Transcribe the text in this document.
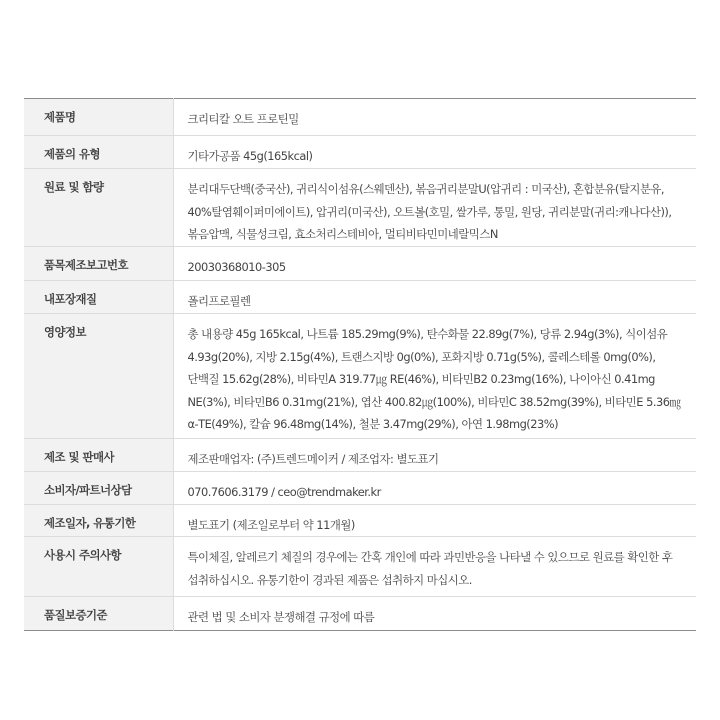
제품명	크리티칼 오트 프로틴밀
제품의 유형	기타가공품 45g(165kcal)
원료 및 함량	분리대두단백(중국산), 귀리식이섬유(스웨덴산), 볶음귀리분말U(압귀리 : 미국산), 혼합분유(탈지분유, 40%탈염훼이퍼미에이트), 압귀리(미국산), 오트볼(호밀, 쌀가루, 통밀, 원당, 귀리분말(귀리:캐나다산)), 볶음압맥, 식물성크림, 효소처리스테비아, 멀티비타민미네랄믹스N
품목제조보고번호	20030368010-305
내포장재질	폴리프로필렌
영양정보	총 내용량 45g 165kcal, 나트륨 185.29mg(9%), 탄수화물 22.89g(7%), 당류 2.94g(3%), 식이섬유 4.93g(20%), 지방 2.15g(4%), 트랜스지방 0g(0%), 포화지방 0.71g(5%), 콜레스테롤 0mg(0%), 단백질 15.62g(28%), 비타민A 319.77㎍ RE(46%), 비타민B2 0.23mg(16%), 나이아신 0.41mg NE(3%), 비타민B6 0.31mg(21%), 엽산 400.82㎍(100%), 비타민C 38.52mg(39%), 비타민E 5.36㎎ α-TE(49%), 칼슘 96.48mg(14%), 철분 3.47mg(29%), 아연 1.98mg(23%)
제조 및 판매사	제조판매업자: (주)트렌드메이커 / 제조업자: 별도표기
소비자/파트너상담	070.7606.3179 / ceo@trendmaker.kr
제조일자, 유통기한	별도표기 (제조일로부터 약 11개월)
사용시 주의사항	특이체질, 알레르기 체질의 경우에는 간혹 개인에 따라 과민반응을 나타낼 수 있으므로 원료를 확인한 후 섭취하십시오. 유통기한이 경과된 제품은 섭취하지 마십시오.
품질보증기준	관련 법 및 소비자 분쟁해결 규정에 따름
